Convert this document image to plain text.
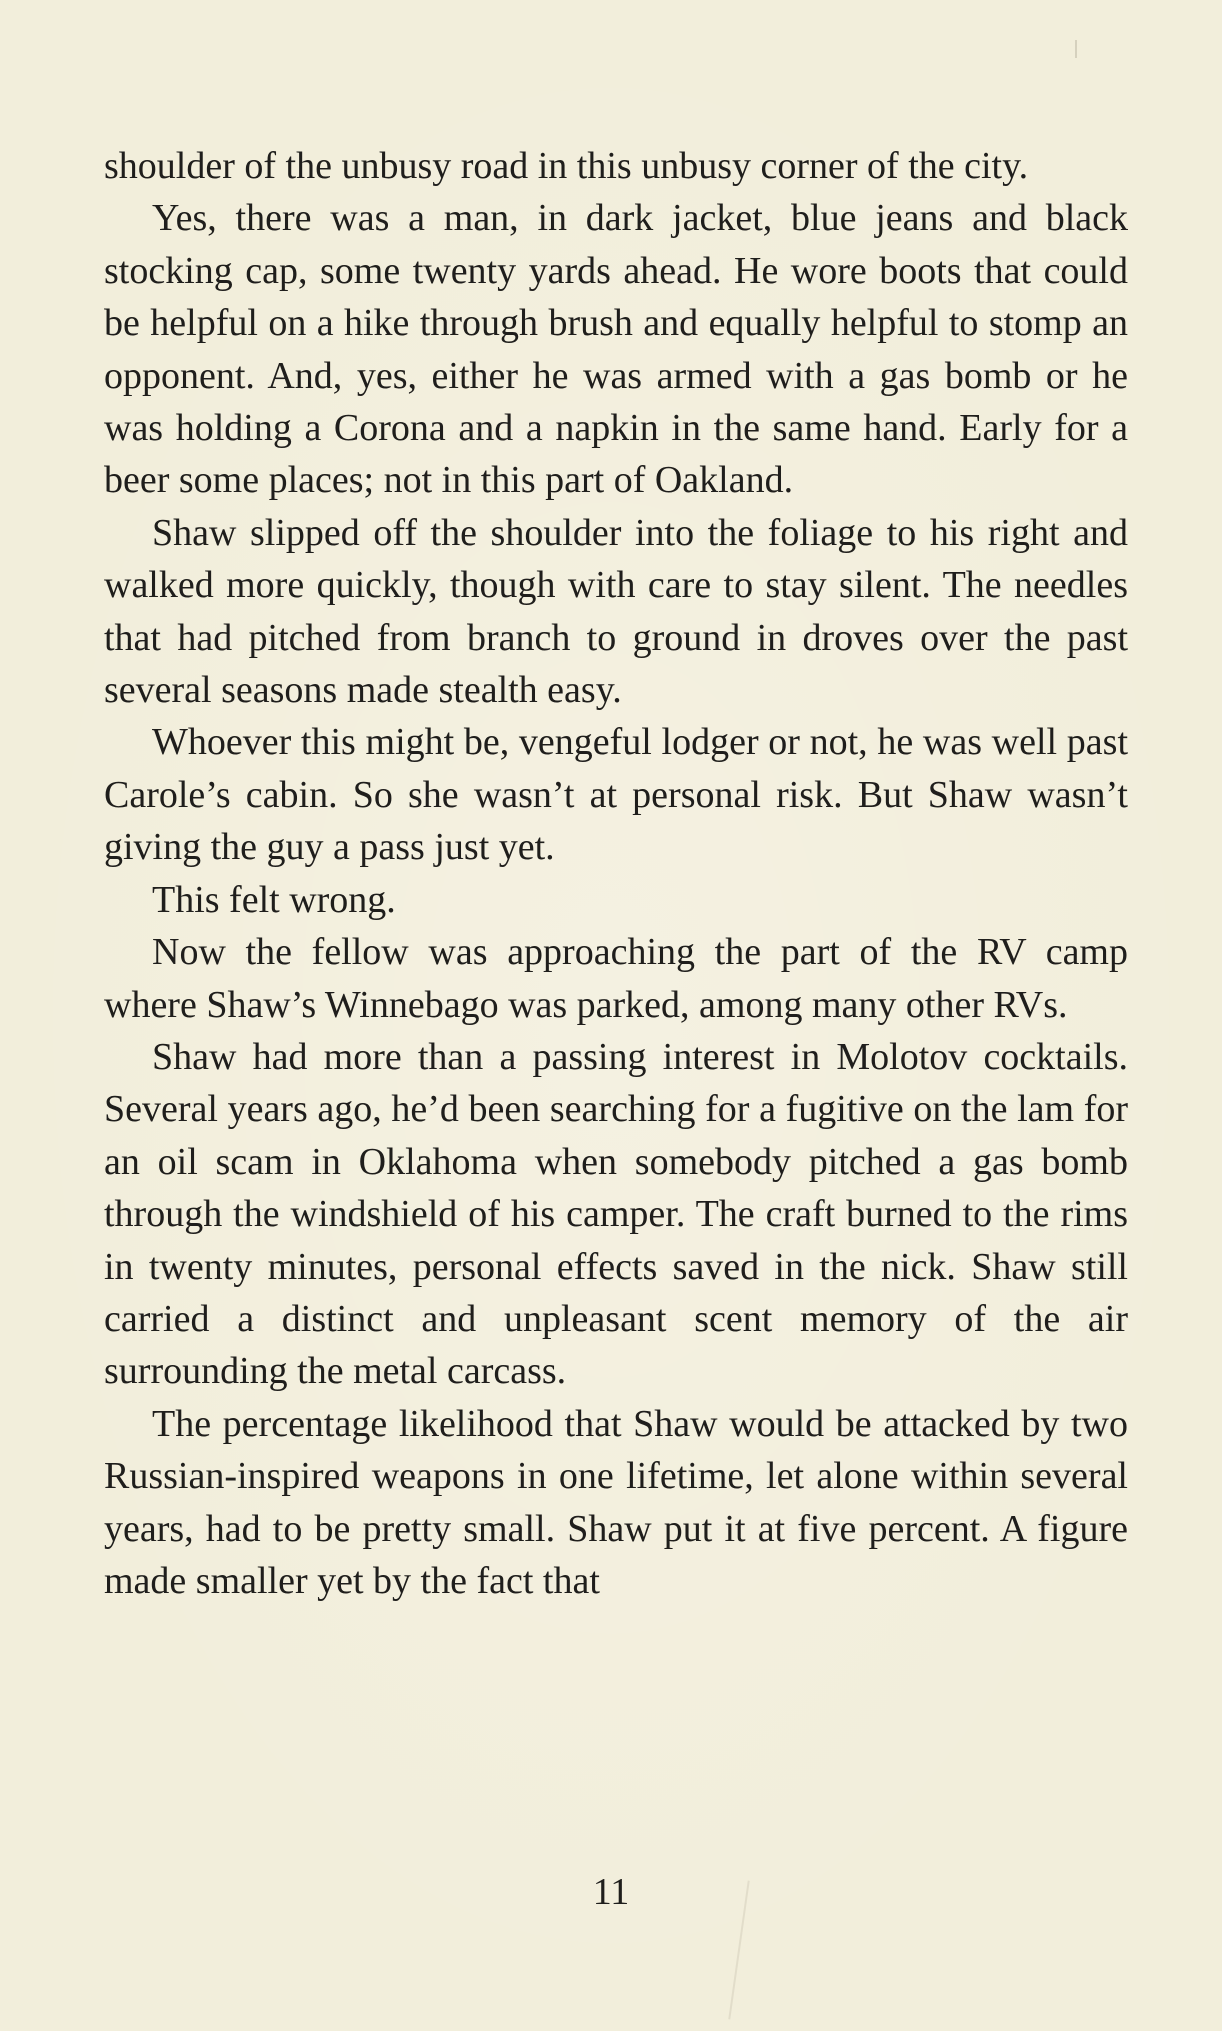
shoulder of the unbusy road in this unbusy corner of the city.

Yes, there was a man, in dark jacket, blue jeans and black stocking cap, some twenty yards ahead. He wore boots that could be helpful on a hike through brush and equally helpful to stomp an opponent. And, yes, either he was armed with a gas bomb or he was holding a Corona and a napkin in the same hand. Early for a beer some places; not in this part of Oakland.

Shaw slipped off the shoulder into the foliage to his right and walked more quickly, though with care to stay silent. The needles that had pitched from branch to ground in droves over the past several seasons made stealth easy.

Whoever this might be, vengeful lodger or not, he was well past Carole’s cabin. So she wasn’t at personal risk. But Shaw wasn’t giving the guy a pass just yet.

This felt wrong.

Now the fellow was approaching the part of the RV camp where Shaw’s Winnebago was parked, among many other RVs.

Shaw had more than a passing interest in Molotov cocktails. Several years ago, he’d been searching for a fugitive on the lam for an oil scam in Oklahoma when somebody pitched a gas bomb through the windshield of his camper. The craft burned to the rims in twenty minutes, personal effects saved in the nick. Shaw still carried a distinct and unpleasant scent memory of the air surrounding the metal carcass.

The percentage likelihood that Shaw would be attacked by two Russian-inspired weapons in one lifetime, let alone within several years, had to be pretty small. Shaw put it at five percent. A figure made smaller yet by the fact that

11
